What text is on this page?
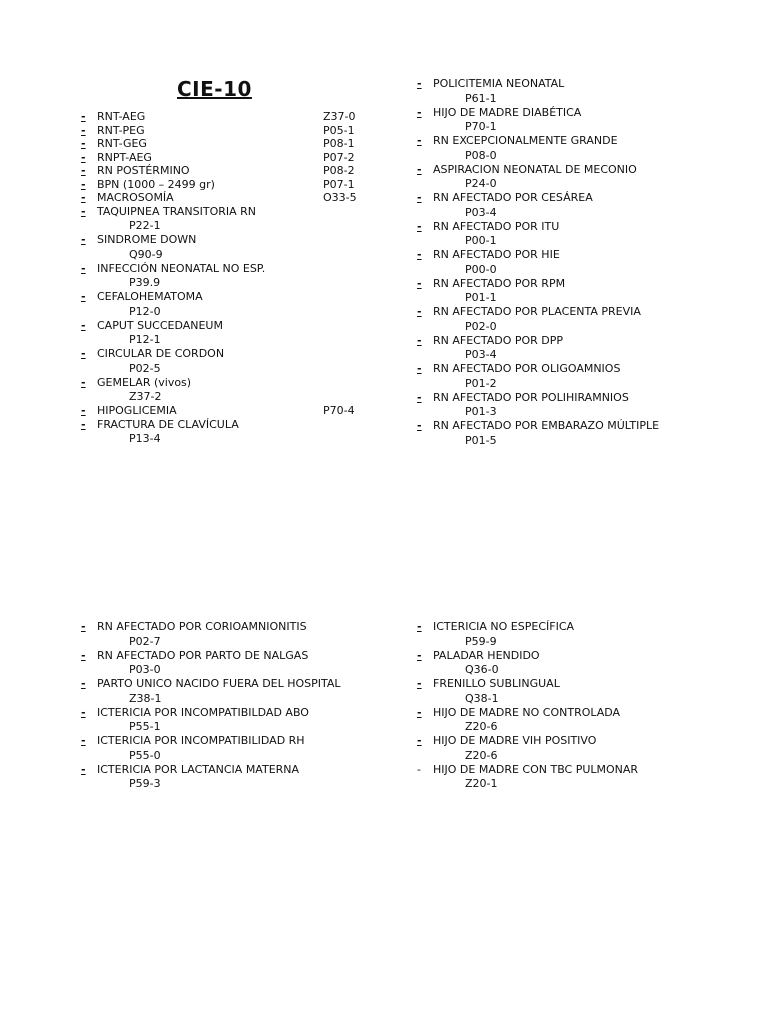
CIE-10
-	RNT-AEG	Z37-0
-	RNT-PEG	P05-1
-	RNT-GEG	P08-1
-	RNPT-AEG	P07-2
-	RN POSTÉRMINO	P08-2
-	BPN (1000 – 2499 gr)	P07-1
-	MACROSOMÍA	O33-5
-	TAQUIPNEA TRANSITORIA RN
P22-1
-	SINDROME DOWN
Q90-9
-	INFECCIÓN NEONATAL NO ESP.
P39.9
-	CEFALOHEMATOMA
P12-0
-	CAPUT SUCCEDANEUM
P12-1
-	CIRCULAR DE CORDON
P02-5
-	GEMELAR (vivos)
Z37-2
-	HIPOGLICEMIA	P70-4
-	FRACTURA DE CLAVÍCULA
P13-4
-	POLICITEMIA NEONATAL
P61-1
-	HIJO DE MADRE DIABÉTICA
P70-1
-	RN EXCEPCIONALMENTE GRANDE
P08-0
-	ASPIRACION NEONATAL DE MECONIO
P24-0
-	RN AFECTADO POR CESÁREA
P03-4
-	RN AFECTADO POR ITU
P00-1
-	RN AFECTADO POR HIE
P00-0
-	RN AFECTADO POR RPM
P01-1
-	RN AFECTADO POR PLACENTA PREVIA
P02-0
-	RN AFECTADO POR DPP
P03-4
-	RN AFECTADO POR OLIGOAMNIOS
P01-2
-	RN AFECTADO POR POLIHIRAMNIOS
P01-3
-	RN AFECTADO POR EMBARAZO MÚLTIPLE
P01-5
-	RN AFECTADO POR CORIOAMNIONITIS
P02-7
-	RN AFECTADO POR PARTO DE NALGAS
P03-0
-	PARTO UNICO NACIDO FUERA DEL HOSPITAL
Z38-1
-	ICTERICIA POR INCOMPATIBILDAD ABO
P55-1
-	ICTERICIA POR INCOMPATIBILIDAD RH
P55-0
-	ICTERICIA POR LACTANCIA MATERNA
P59-3
-	ICTERICIA NO ESPECÍFICA
P59-9
-	PALADAR HENDIDO
Q36-0
-	FRENILLO SUBLINGUAL
Q38-1
-	HIJO DE MADRE NO CONTROLADA
Z20-6
-	HIJO DE MADRE VIH POSITIVO
Z20-6
-	HIJO DE MADRE CON TBC PULMONAR
Z20-1
